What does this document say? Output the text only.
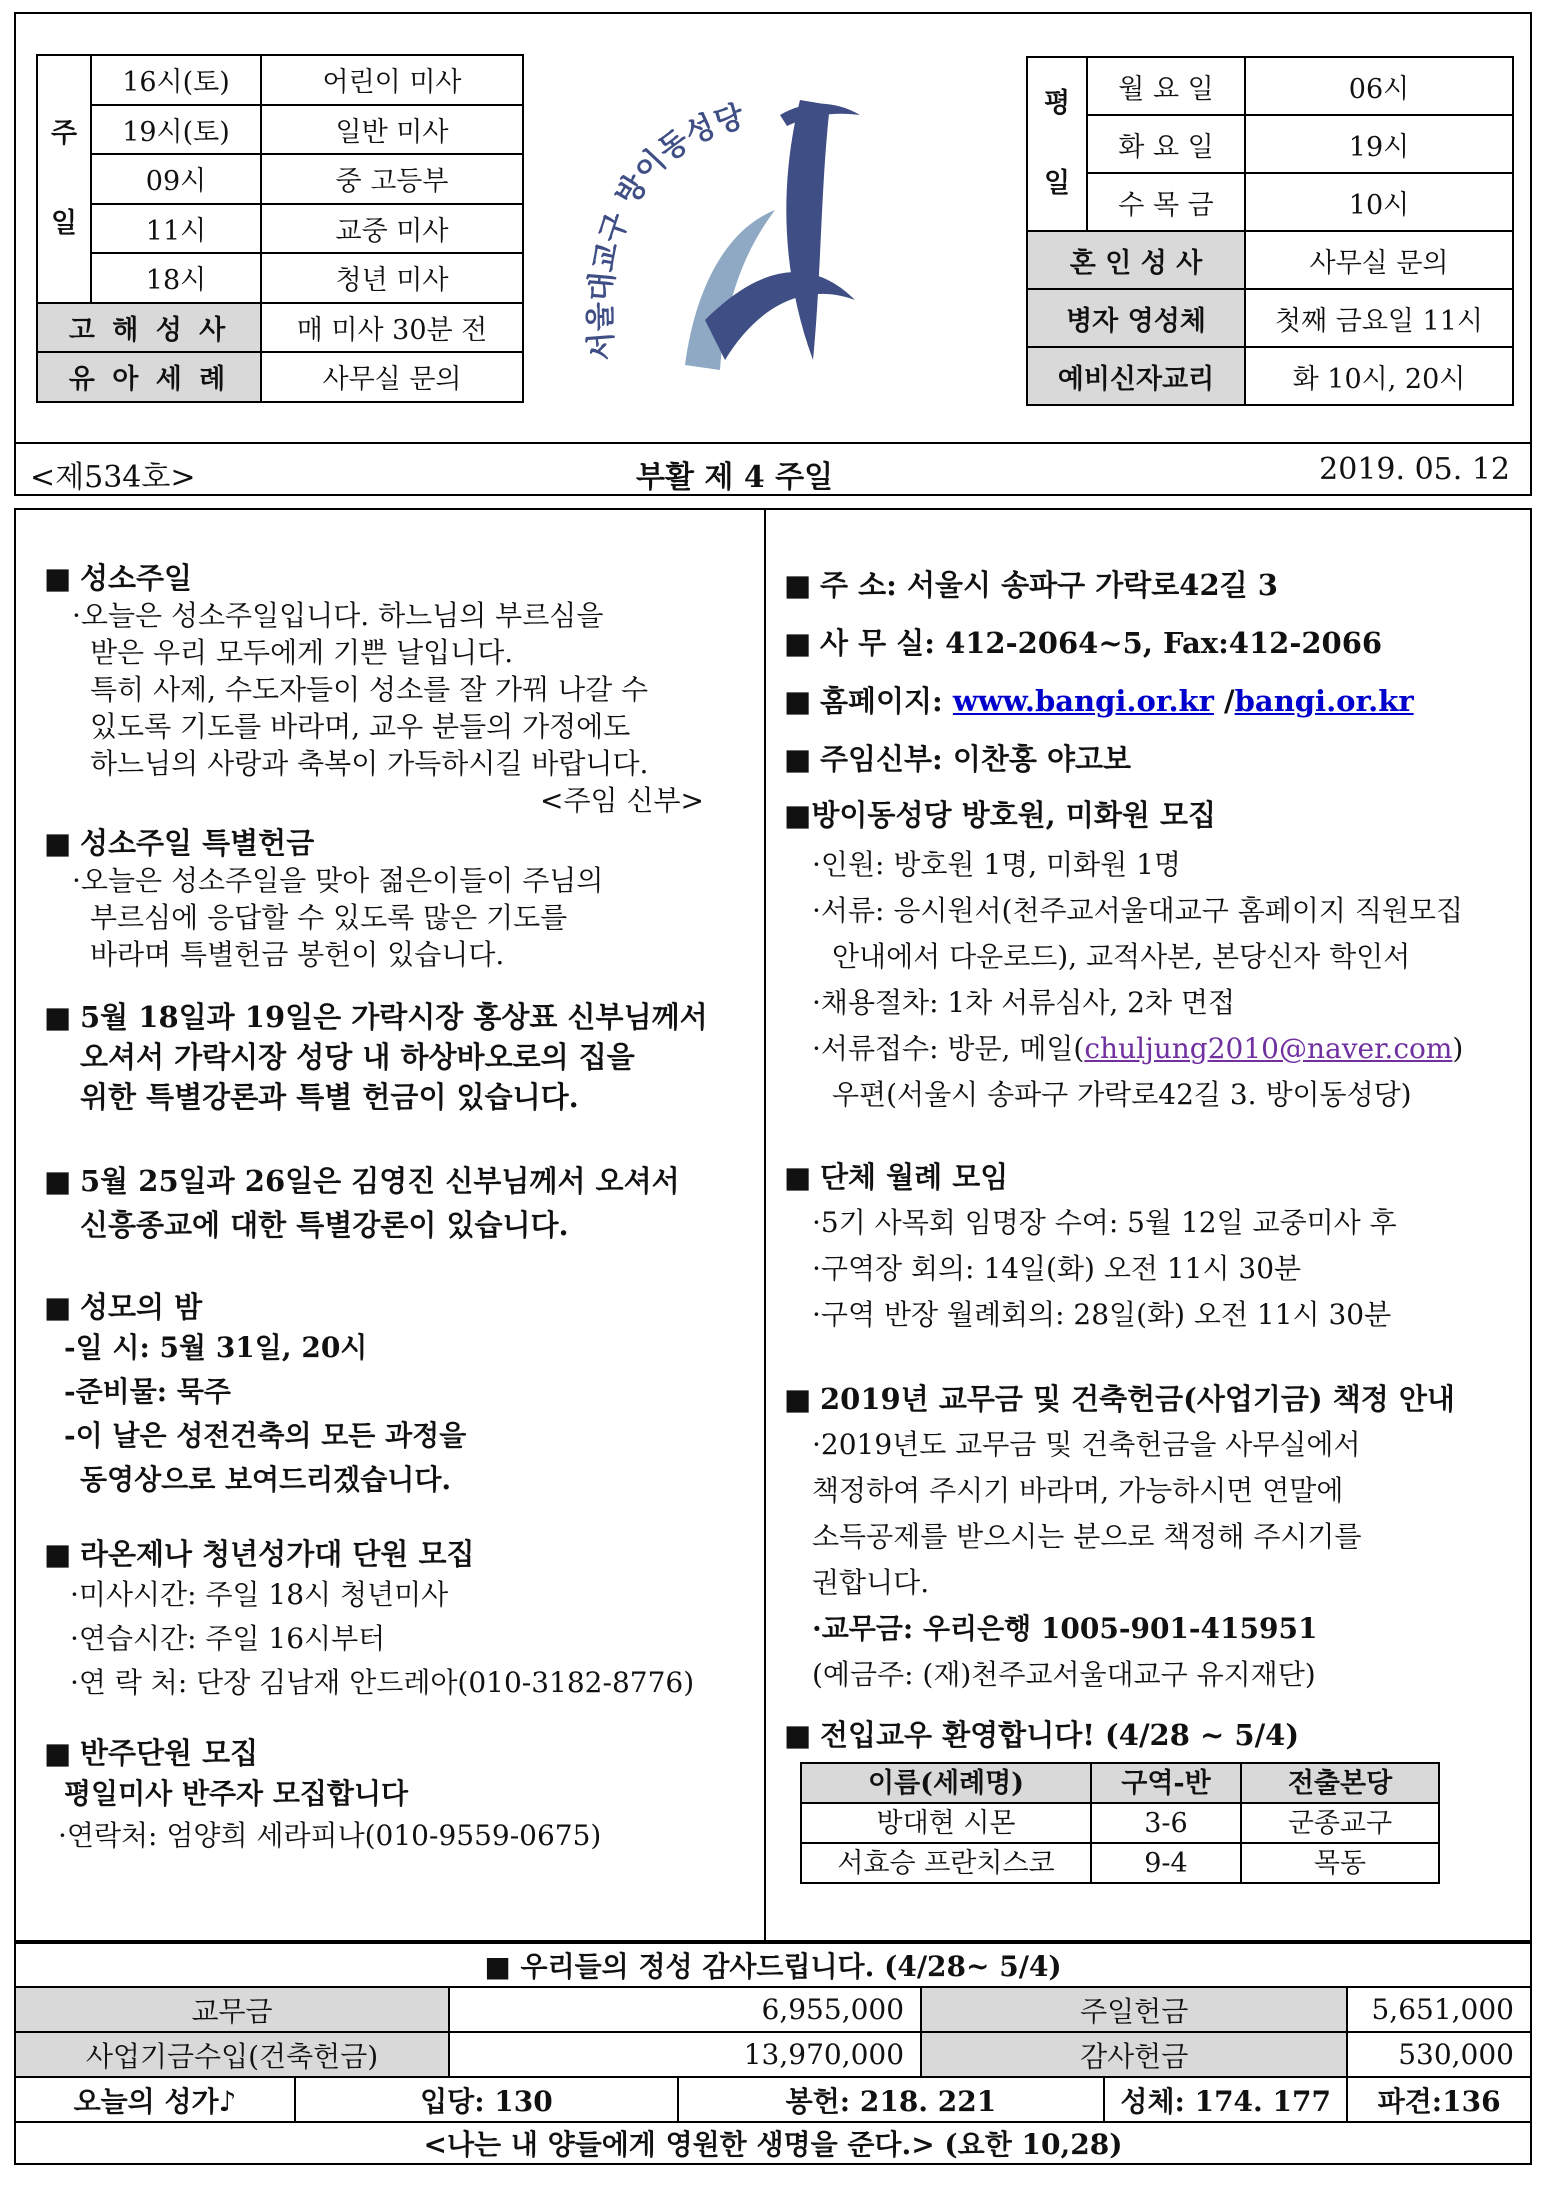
주
일	16시(토)	어린이 미사
	19시(토)	일반 미사
	09시	중 고등부
	11시	교중 미사
	18시	청년 미사
고 해 성 사		매 미사 30분 전
유 아 세 례		사무실 문의
서울대교구 방이동성당	평
일	월 요 일	06시
	화 요 일	19시
	수 목 금	10시
혼 인 성 사		사무실 문의
병자 영성체		첫째 금요일 11시
예비신자교리		화 10시, 20시
<제534호>	부활 제 4 주일	2019. 05. 12
■ 성소주일
·오늘은 성소주일입니다. 하느님의 부르심을
받은 우리 모두에게 기쁜 날입니다.
특히 사제, 수도자들이 성소를 잘 가꿔 나갈 수
있도록 기도를 바라며, 교우 분들의 가정에도
하느님의 사랑과 축복이 가득하시길 바랍니다.
<주임 신부>
■ 성소주일 특별헌금
·오늘은 성소주일을 맞아 젊은이들이 주님의
부르심에 응답할 수 있도록 많은 기도를
바라며 특별헌금 봉헌이 있습니다.
■ 5월 18일과 19일은 가락시장 홍상표 신부님께서
오셔서 가락시장 성당 내 하상바오로의 집을
위한 특별강론과 특별 헌금이 있습니다.
■ 5월 25일과 26일은 김영진 신부님께서 오셔서
신흥종교에 대한 특별강론이 있습니다.
■ 성모의 밤
-일 시: 5월 31일, 20시
-준비물: 묵주
-이 날은 성전건축의 모든 과정을
동영상으로 보여드리겠습니다.
■ 라온제나 청년성가대 단원 모집
·미사시간: 주일 18시 청년미사
·연습시간: 주일 16시부터
·연 락 처: 단장 김남재 안드레아(010-3182-8776)
■ 반주단원 모집
평일미사 반주자 모집합니다
·연락처: 엄양희 세라피나(010-9559-0675)
■ 주 소: 서울시 송파구 가락로42길 3
■ 사 무 실: 412-2064~5, Fax:412-2066
■ 홈페이지: www.bangi.or.kr /bangi.or.kr
■ 주임신부: 이찬홍 야고보
■방이동성당 방호원, 미화원 모집
·인원: 방호원 1명, 미화원 1명
·서류: 응시원서(천주교서울대교구 홈페이지 직원모집
안내에서 다운로드), 교적사본, 본당신자 학인서
·채용절차: 1차 서류심사, 2차 면접
·서류접수: 방문, 메일(chuljung2010@naver.com)
우편(서울시 송파구 가락로42길 3. 방이동성당)
■ 단체 월례 모임
·5기 사목회 임명장 수여: 5월 12일 교중미사 후
·구역장 회의: 14일(화) 오전 11시 30분
·구역 반장 월례회의: 28일(화) 오전 11시 30분
■ 2019년 교무금 및 건축헌금(사업기금) 책정 안내
·2019년도 교무금 및 건축헌금을 사무실에서
책정하여 주시기 바라며, 가능하시면 연말에
소득공제를 받으시는 분으로 책정해 주시기를
권합니다.
·교무금: 우리은행 1005-901-415951
(예금주: (재)천주교서울대교구 유지재단)
■ 전입교우 환영합니다! (4/28 ~ 5/4)
이름(세례명)	구역-반	전출본당
방대현 시몬	3-6	군종교구
서효승 프란치스코	9-4	목동
■ 우리들의 정성 감사드립니다. (4/28~ 5/4)						
교무금		6,955,000		주일헌금		5,651,000
사업기금수입(건축헌금)		13,970,000		감사헌금		530,000
오늘의 성가♪	입당: 130		봉헌: 218. 221		성체: 174. 177	파견:136
<나는 내 양들에게 영원한 생명을 준다.> (요한 10,28)						
